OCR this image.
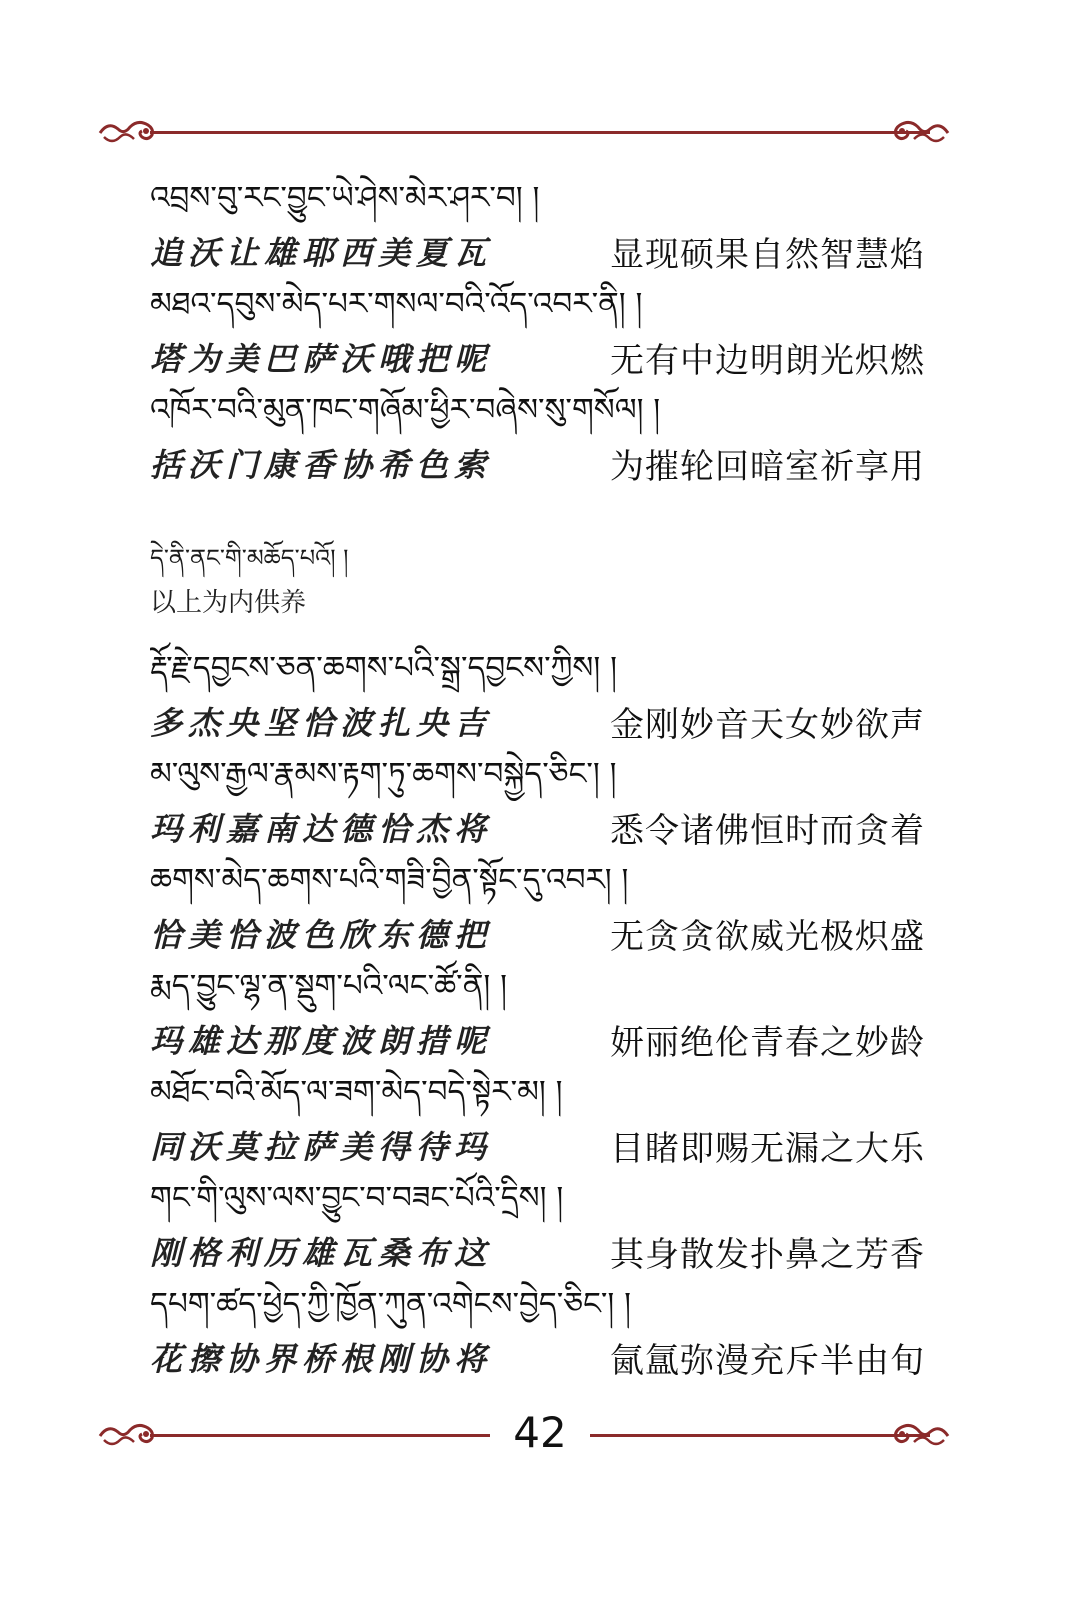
འབྲས་བུ་རང་བྱུང་ཡེ་ཤེས་མེར་ཤར་བ། །
追沃让雄耶西美夏瓦	显现硕果自然智慧焰
མཐའ་དབུས་མེད་པར་གསལ་བའི་འོད་འབར་ནི། །
塔为美巴萨沃哦把呢	无有中边明朗光炽燃
འཁོར་བའི་མུན་ཁང་གཞོམ་ཕྱིར་བཞེས་སུ་གསོལ། །
括沃门康香协希色索	为摧轮回暗室祈享用
དེ་ནི་ནང་གི་མཆོད་པའོ། །
以上为内供养
རྡོ་རྗེ་དབྱངས་ཅན་ཆགས་པའི་སྒྲ་དབྱངས་ཀྱིས། །
多杰央坚恰波扎央吉	金刚妙音天女妙欲声
མ་ལུས་རྒྱལ་རྣམས་རྟག་ཏུ་ཆགས་བསྐྱེད་ཅིང་། །
玛利嘉南达德恰杰将	悉令诸佛恒时而贪着
ཆགས་མེད་ཆགས་པའི་གཟི་བྱིན་སྟོང་དུ་འབར། །
恰美恰波色欣东德把	无贪贪欲威光极炽盛
རྨད་བྱུང་ལྷ་ན་སྡུག་པའི་ལང་ཚོ་ནི། །
玛雄达那度波朗措呢	妍丽绝伦青春之妙龄
མཐོང་བའི་མོད་ལ་ཟག་མེད་བདེ་སྟེར་མ། །
同沃莫拉萨美得待玛	目睹即赐无漏之大乐
གང་གི་ལུས་ལས་བྱུང་བ་བཟང་པོའི་དྲིས། །
刚格利历雄瓦桑布这	其身散发扑鼻之芳香
དཔག་ཚད་ཕྱེད་ཀྱི་ཁྱོན་ཀུན་འགེངས་བྱེད་ཅིང་། །
花擦协界桥根刚协将	氤氲弥漫充斥半由旬
42
